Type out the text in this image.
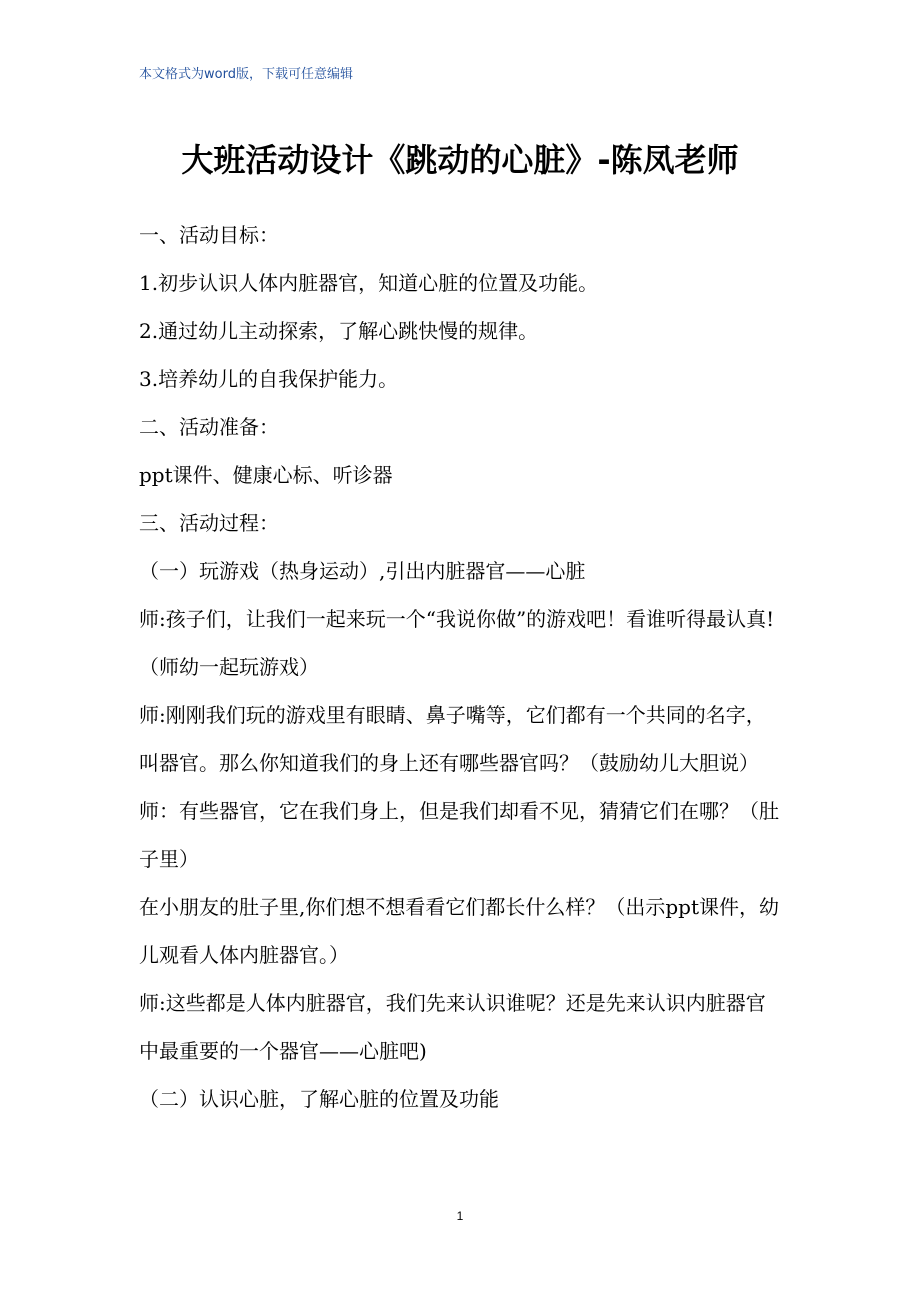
本文格式为word版，下载可任意编辑
大班活动设计《跳动的心脏》-陈凤老师

一、活动目标：

1.初步认识人体内脏器官，知道心脏的位置及功能。

2.通过幼儿主动探索，了解心跳快慢的规律。

3.培养幼儿的自我保护能力。

二、活动准备：

ppt课件、健康心标、听诊器

三、活动过程：

（一）玩游戏（热身运动）,引出内脏器官——心脏

师:孩子们，让我们一起来玩一个“我说你做”的游戏吧！看谁听得最认真!（师幼一起玩游戏）

师:刚刚我们玩的游戏里有眼睛、鼻子嘴等，它们都有一个共同的名字，叫器官。那么你知道我们的身上还有哪些器官吗？（鼓励幼儿大胆说）

师：有些器官，它在我们身上，但是我们却看不见，猜猜它们在哪？（肚子里）

在小朋友的肚子里,你们想不想看看它们都长什么样？（出示ppt课件，幼儿观看人体内脏器官。）

师:这些都是人体内脏器官，我们先来认识谁呢？还是先来认识内脏器官中最重要的一个器官——心脏吧)

（二）认识心脏，了解心脏的位置及功能

1
